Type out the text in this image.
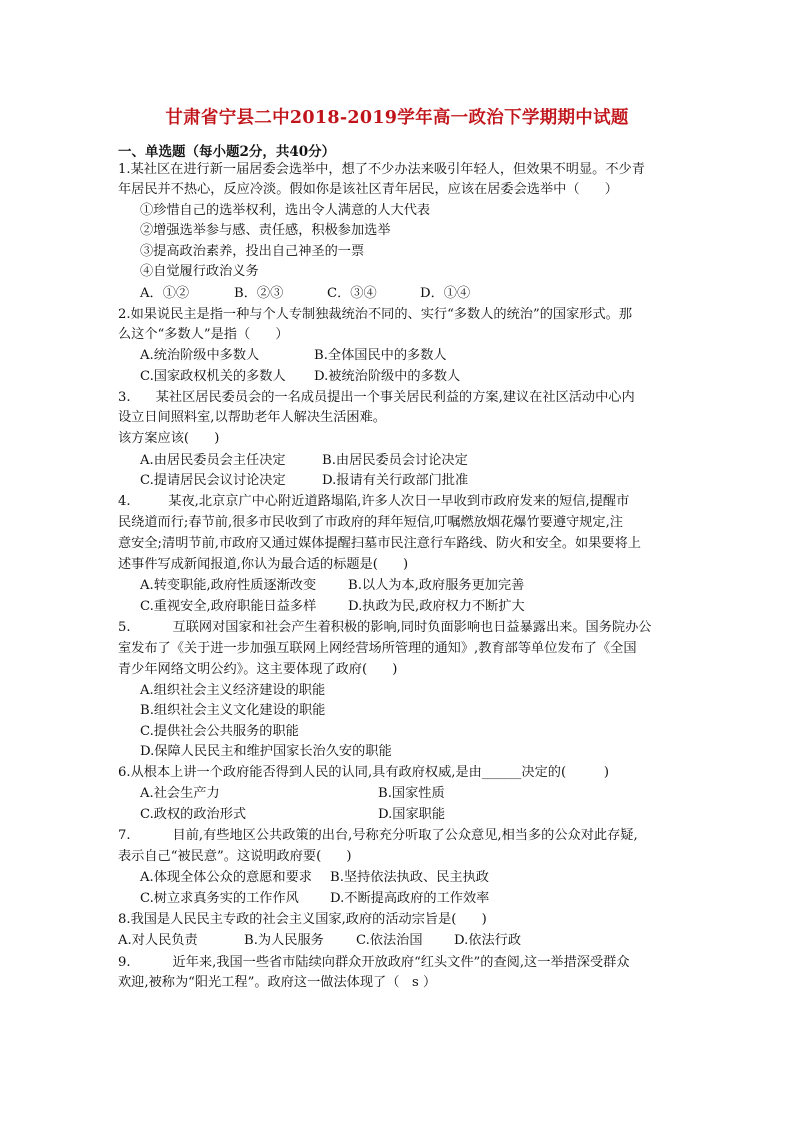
甘肃省宁县二中2018-2019学年高一政治下学期期中试题
一、单选题（每小题2分，共40分）
1.某社区在进行新一届居委会选举中，想了不少办法来吸引年轻人，但效果不明显。不少青
年居民并不热心，反应冷淡。假如你是该社区青年居民，应该在居委会选举中（      ）
①珍惜自己的选举权利，选出令人满意的人大代表
②增强选举参与感、责任感，积极参加选举
③提高政治素养，投出自己神圣的一票
④自觉履行政治义务
A．①②	B．②③	C．③④	D．①④
2.如果说民主是指一种与个人专制独裁统治不同的、实行“多数人的统治”的国家形式。那
么这个“多数人”是指（      ）
A.统治阶级中多数人	B.全体国民中的多数人
C.国家政权机关的多数人 D.被统治阶级中的多数人
3.      某社区居民委员会的一名成员提出一个事关居民利益的方案,建议在社区活动中心内
设立日间照料室,以帮助老年人解决生活困难。
该方案应该(      )
A.由居民委员会主任决定	B.由居民委员会讨论决定
C.提请居民会议讨论决定	D.报请有关行政部门批准
4.         某夜,北京京广中心附近道路塌陷,许多人次日一早收到市政府发来的短信,提醒市
民绕道而行;春节前,很多市民收到了市政府的拜年短信,叮嘱燃放烟花爆竹要遵守规定,注
意安全;清明节前,市政府又通过媒体提醒扫墓市民注意行车路线、防火和安全。如果要将上
述事件写成新闻报道,你认为最合适的标题是(      )
A.转变职能,政府性质逐渐改变 B.以人为本,政府服务更加完善
C.重视安全,政府职能日益多样 D.执政为民,政府权力不断扩大
5.          互联网对国家和社会产生着积极的影响,同时负面影响也日益暴露出来。国务院办公
室发布了《关于进一步加强互联网上网经营场所管理的通知》,教育部等单位发布了《全国
青少年网络文明公约》。这主要体现了政府(      )
A.组织社会主义经济建设的职能
B.组织社会主义文化建设的职能
C.提供社会公共服务的职能
D.保障人民民主和维护国家长治久安的职能
6.从根本上讲一个政府能否得到人民的认同,具有政府权威,是由______决定的(         )
A.社会生产力	B.国家性质
C.政权的政治形式	D.国家职能
7.          目前,有些地区公共政策的出台,号称充分听取了公众意见,相当多的公众对此存疑,
表示自己“被民意”。这说明政府要(      )
A.体现全体公众的意愿和要求 B.坚持依法执政、民主执政
C.树立求真务实的工作作风 D.不断提高政府的工作效率
8.我国是人民民主专政的社会主义国家,政府的活动宗旨是(      )
A.对人民负责	B.为人民服务 C.依法治国 D.依法行政
9.          近年来,我国一些省市陆续向群众开放政府“红头文件”的查阅,这一举措深受群众
欢迎,被称为“阳光工程”。政府这一做法体现了（   s ）
